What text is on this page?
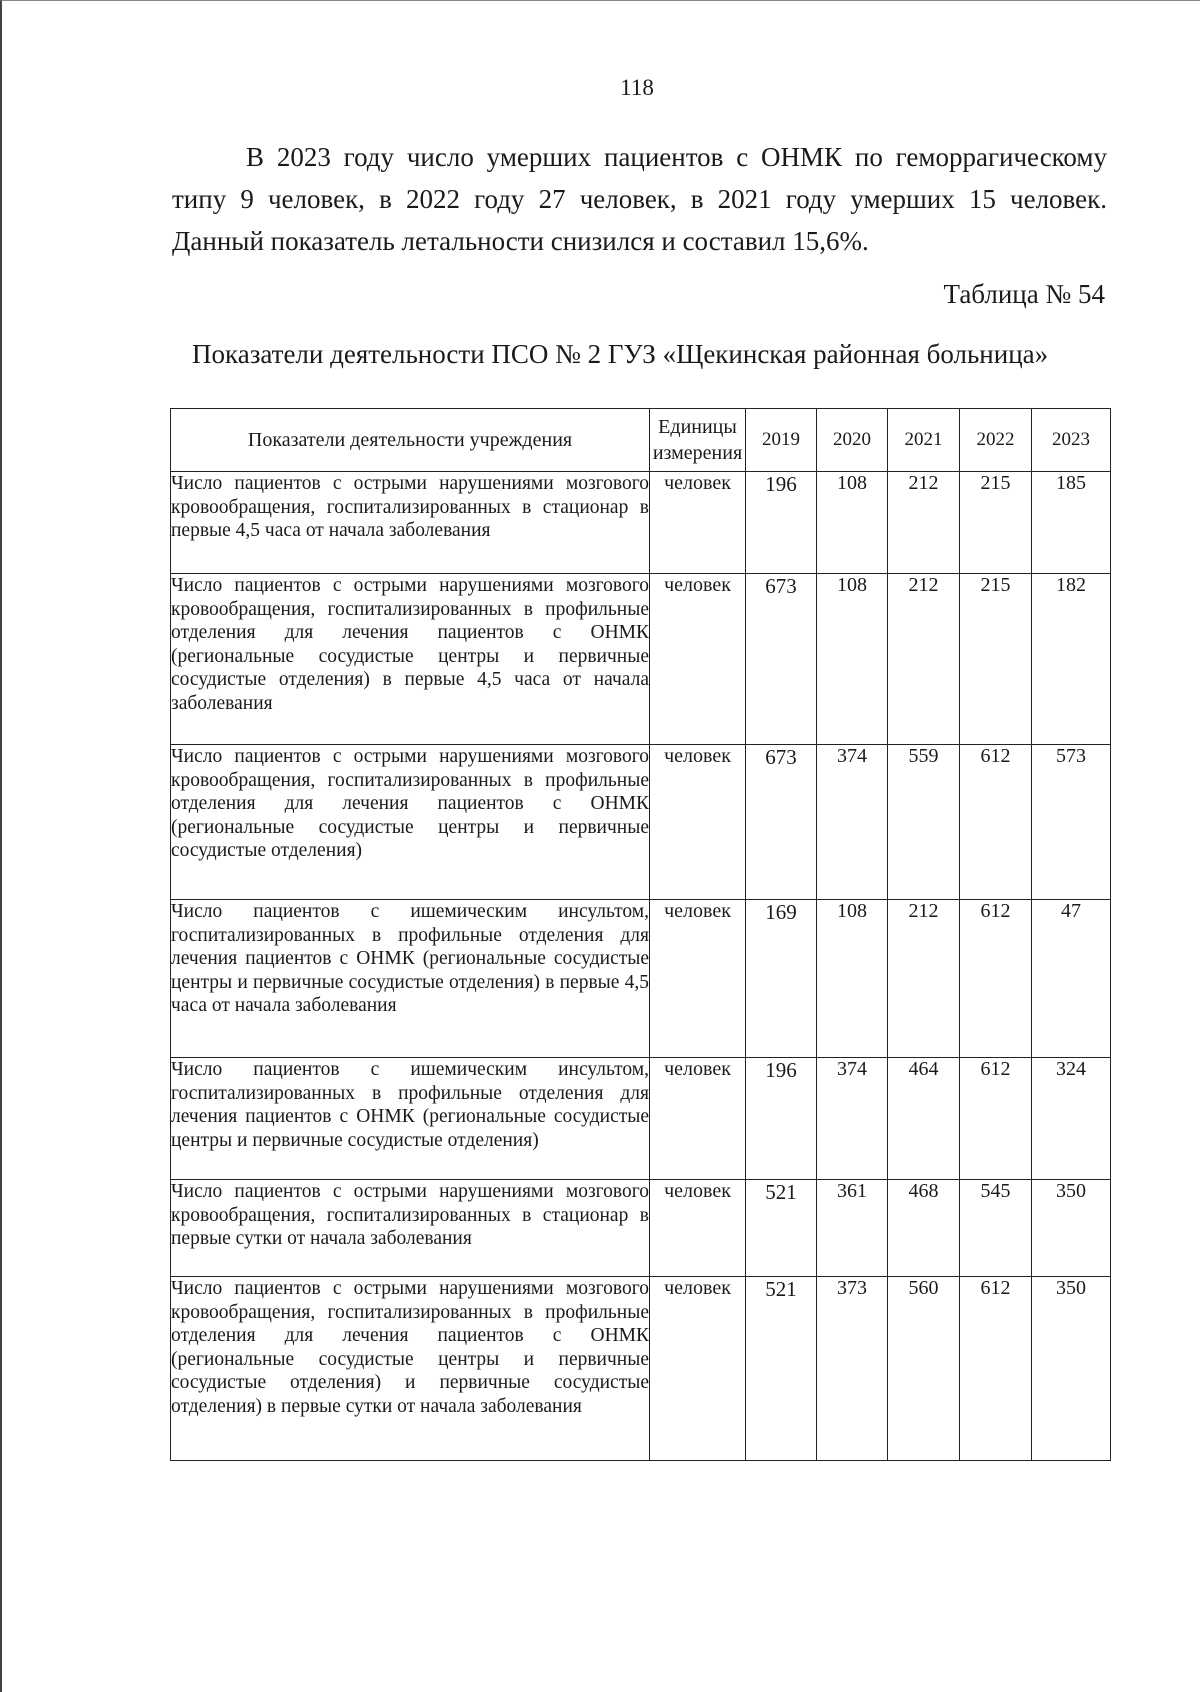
118

В 2023 году число умерших пациентов с ОНМК по геморрагическому типу 9 человек, в 2022 году 27 человек, в 2021 году умерших 15 человек. Данный показатель летальности снизился и составил 15,6%.

Таблица № 54
Показатели деятельности ПСО № 2 ГУЗ «Щекинская районная больница»
Показатели деятельности учреждения	Единицы измерения	2019	2020	2021	2022	2023
Число пациентов с острыми нарушениями мозгового кровообращения, госпитализированных в стационар в первые 4,5 часа от начала заболевания	человек	196	108	212	215	185
Число пациентов с острыми нарушениями мозгового кровообращения, госпитализированных в профильные отделения для лечения пациентов с ОНМК (региональные сосудистые центры и первичные сосудистые отделения) в первые 4,5 часа от начала заболевания	человек	673	108	212	215	182
Число пациентов с острыми нарушениями мозгового кровообращения, госпитализированных в профильные отделения для лечения пациентов с ОНМК (региональные сосудистые центры и первичные сосудистые отделения)	человек	673	374	559	612	573
Число пациентов с ишемическим инсультом, госпитализированных в профильные отделения для лечения пациентов с ОНМК (региональные сосудистые центры и первичные сосудистые отделения) в первые 4,5 часа от начала заболевания	человек	169	108	212	612	47
Число пациентов с ишемическим инсультом, госпитализированных в профильные отделения для лечения пациентов с ОНМК (региональные сосудистые центры и первичные сосудистые отделения)	человек	196	374	464	612	324
Число пациентов с острыми нарушениями мозгового кровообращения, госпитализированных в стационар в первые сутки от начала заболевания	человек	521	361	468	545	350
Число пациентов с острыми нарушениями мозгового кровообращения, госпитализированных в профильные отделения для лечения пациентов с ОНМК (региональные сосудистые центры и первичные сосудистые отделения) и первичные сосудистые отделения) в первые сутки от начала заболевания	человек	521	373	560	612	350
